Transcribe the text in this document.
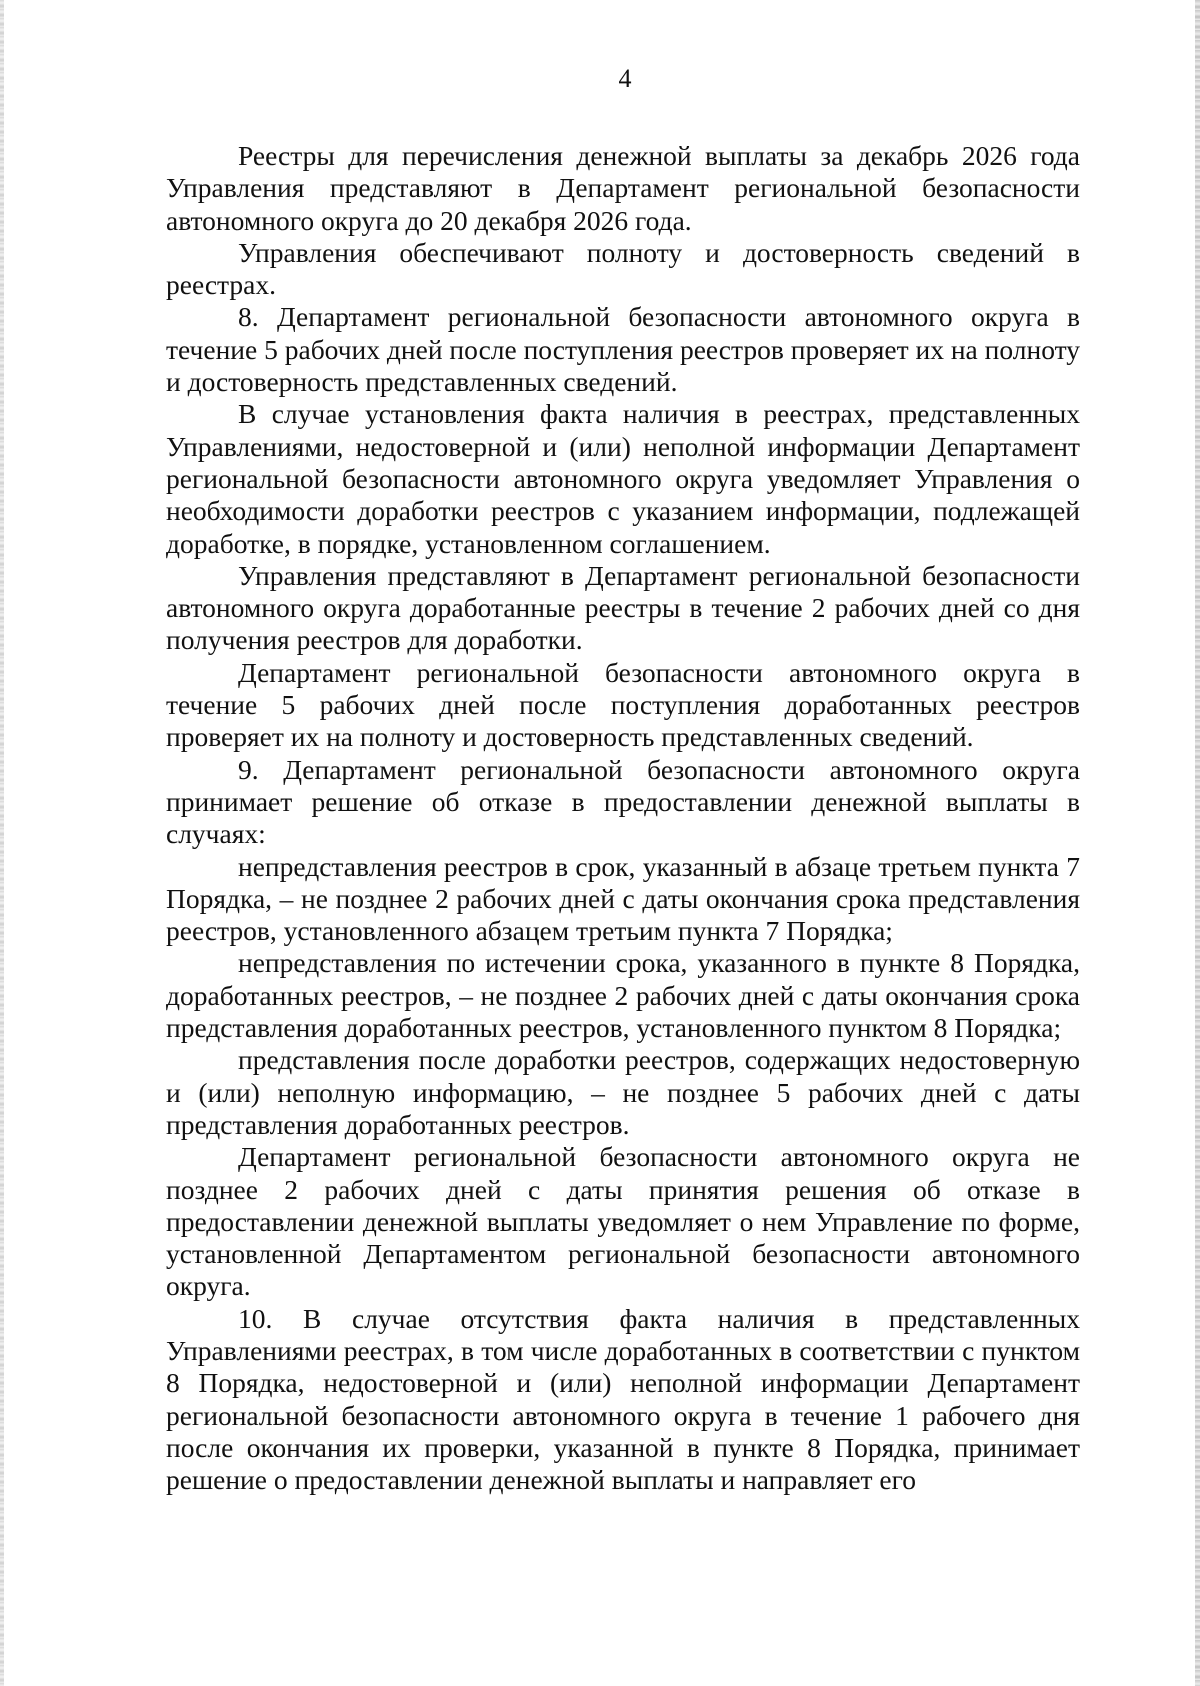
4

Реестры для перечисления денежной выплаты за декабрь 2026 года Управления представляют в Департамент региональной безопасности автономного округа до 20 декабря 2026 года.

Управления обеспечивают полноту и достоверность сведений в реестрах.

8. Департамент региональной безопасности автономного округа в течение 5 рабочих дней после поступления реестров проверяет их на полноту и достоверность представленных сведений.

В случае установления факта наличия в реестрах, представленных Управлениями, недостоверной и (или) неполной информации Департамент региональной безопасности автономного округа уведомляет Управления о необходимости доработки реестров с указанием информации, подлежащей доработке, в порядке, установленном соглашением.

Управления представляют в Департамент региональной безопасности автономного округа доработанные реестры в течение 2 рабочих дней со дня получения реестров для доработки.

Департамент региональной безопасности автономного округа в течение 5 рабочих дней после поступления доработанных реестров проверяет их на полноту и достоверность представленных сведений.

9. Департамент региональной безопасности автономного округа принимает решение об отказе в предоставлении денежной выплаты в случаях:

непредставления реестров в срок, указанный в абзаце третьем пункта 7 Порядка, – не позднее 2 рабочих дней с даты окончания срока представления реестров, установленного абзацем третьим пункта 7 Порядка;

непредставления по истечении срока, указанного в пункте 8 Порядка, доработанных реестров, – не позднее 2 рабочих дней с даты окончания срока представления доработанных реестров, установленного пунктом 8 Порядка;

представления после доработки реестров, содержащих недостоверную и (или) неполную информацию, – не позднее 5 рабочих дней с даты представления доработанных реестров.

Департамент региональной безопасности автономного округа не позднее 2 рабочих дней с даты принятия решения об отказе в предоставлении денежной выплаты уведомляет о нем Управление по форме, установленной Департаментом региональной безопасности автономного округа.

10. В случае отсутствия факта наличия в представленных Управлениями реестрах, в том числе доработанных в соответствии с пунктом 8 Порядка, недостоверной и (или) неполной информации Департамент региональной безопасности автономного округа в течение 1 рабочего дня после окончания их проверки, указанной в пункте 8 Порядка, принимает решение о предоставлении денежной выплаты и направляет его
